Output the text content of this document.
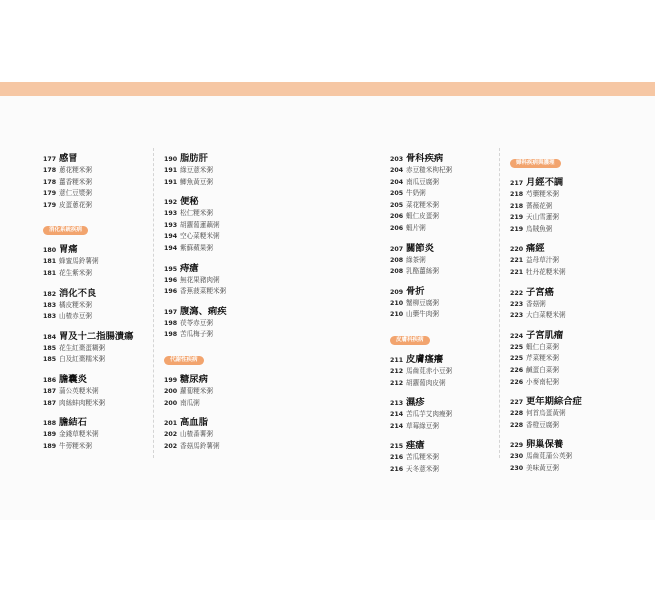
177 感冒
178 蔥花粳米粥
178 薑香粳米粥
179 薏仁豆漿粥
179 皮蛋蔥花粥
消化系統疾病
180 胃痛
181 蜂蜜馬鈴薯粥
181 花生紫米粥
182 消化不良
183 橘皮粳米粥
183 山楂赤豆粥
184 胃及十二指腸潰瘍
185 花生紅棗蛋糊粥
185 白及紅棗糯米粥
186 膽囊炎
187 蒲公英粳米粥
187 肉絲蚌肉粳米粥
188 膽結石
189 金錢草粳米粥
189 牛蒡粳米粥
190 脂肪肝
191 綠豆薏米粥
191 鯽魚黃豆粥
192 便秘
193 松仁粳米粥
193 胡蘿蔔蓮藕粥
194 空心菜粳米粥
194 紫蘇蘋果粥
195 痔瘡
196 無花果豬肉粥
196 香蕉菠菜粳米粥
197 腹瀉、痢疾
198 茯苓赤豆粥
198 苦瓜梅子粥
代謝性疾病
199 糖尿病
200 蘿蔔粳米粥
200 南瓜粥
201 高血脂
202 山楂番薯粥
202 香菇馬鈴薯粥
203 骨科疾病
204 赤豆糙米枸杞粥
204 南瓜豆腐粥
205 牛奶粥
205 菜花粳米粥
206 蝦仁皮蛋粥
206 蝦片粥
207 關節炎
208 綠茶粥
208 乳酪薑絲粥
209 骨折
210 蟹柳豆腐粥
210 山藥牛肉粥
皮膚科疾病
211 皮膚瘙癢
212 馬齒莧赤小豆粥
212 胡蘿蔔肉皮粥
213 濕疹
214 苦瓜芋艾肉瘦粥
214 草莓綠豆粥
215 痤瘡
216 苦瓜粳米粥
216 天冬薏米粥
婦科疾病與護理
217 月經不調
218 芍藥粳米粥
218 薔薇花粥
219 天山雪蓮粥
219 烏賊魚粥
220 痛經
221 益母草汁粥
221 牡丹花粳米粥
222 子宮癌
223 香菇粥
223 大白菜粳米粥
224 子宮肌瘤
225 蝦仁白菜粥
225 芹菜粳米粥
226 鹹蛋白菜粥
226 小麥南杞粥
227 更年期綜合症
228 何首烏蛋黃粥
228 香橙豆腐粥
229 卵巢保養
230 馬齒莧蒲公英粥
230 美味黃豆粥
